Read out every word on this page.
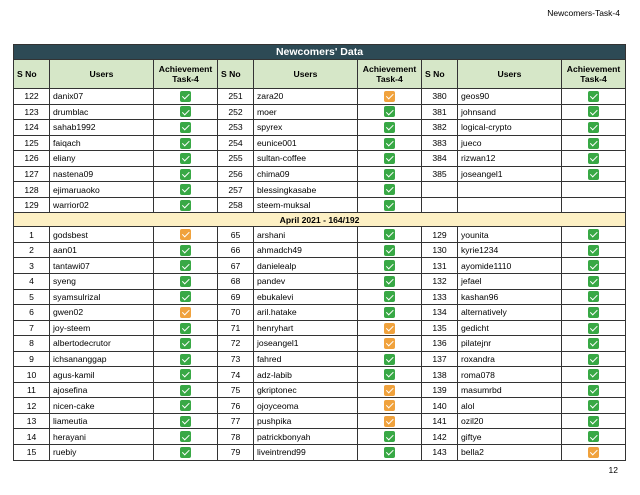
Newcomers-Task-4
Newcomers' Data								
S No	Users	Achievement Task-4	S No	Users	Achievement Task-4	S No	Users	Achievement Task-4
122	danix07		251	zara20		380	geos90	
123	drumblac		252	moer		381	johnsand	
124	sahab1992		253	spyrex		382	logical-crypto	
125	faiqach		254	eunice001		383	jueco	
126	eliany		255	sultan-coffee		384	rizwan12	
127	nastena09		256	chima09		385	joseangel1	
128	ejimaruaoko		257	blessingkasabe				
129	warrior02		258	steem-muksal				
April 2021 - 164/192								
1	godsbest		65	arshani		129	younita	
2	aan01		66	ahmadch49		130	kyrie1234	
3	tantawi07		67	danielealp		131	ayomide1110	
4	syeng		68	pandev		132	jefael	
5	syamsulrizal		69	ebukalevi		133	kashan96	
6	gwen02		70	aril.hatake		134	alternatively	
7	joy-steem		71	henryhart		135	gedicht	
8	albertodecrutor		72	joseangel1		136	pilatejnr	
9	ichsananggap		73	fahred		137	roxandra	
10	agus-kamil		74	adz-labib		138	roma078	
11	ajosefina		75	gkriptonec		139	masumrbd	
12	nicen-cake		76	ojoyceoma		140	alol	
13	liameutia		77	pushpika		141	ozil20	
14	herayani		78	patrickbonyah		142	giftye	
15	ruebiy		79	liveintrend99		143	bella2	
12
